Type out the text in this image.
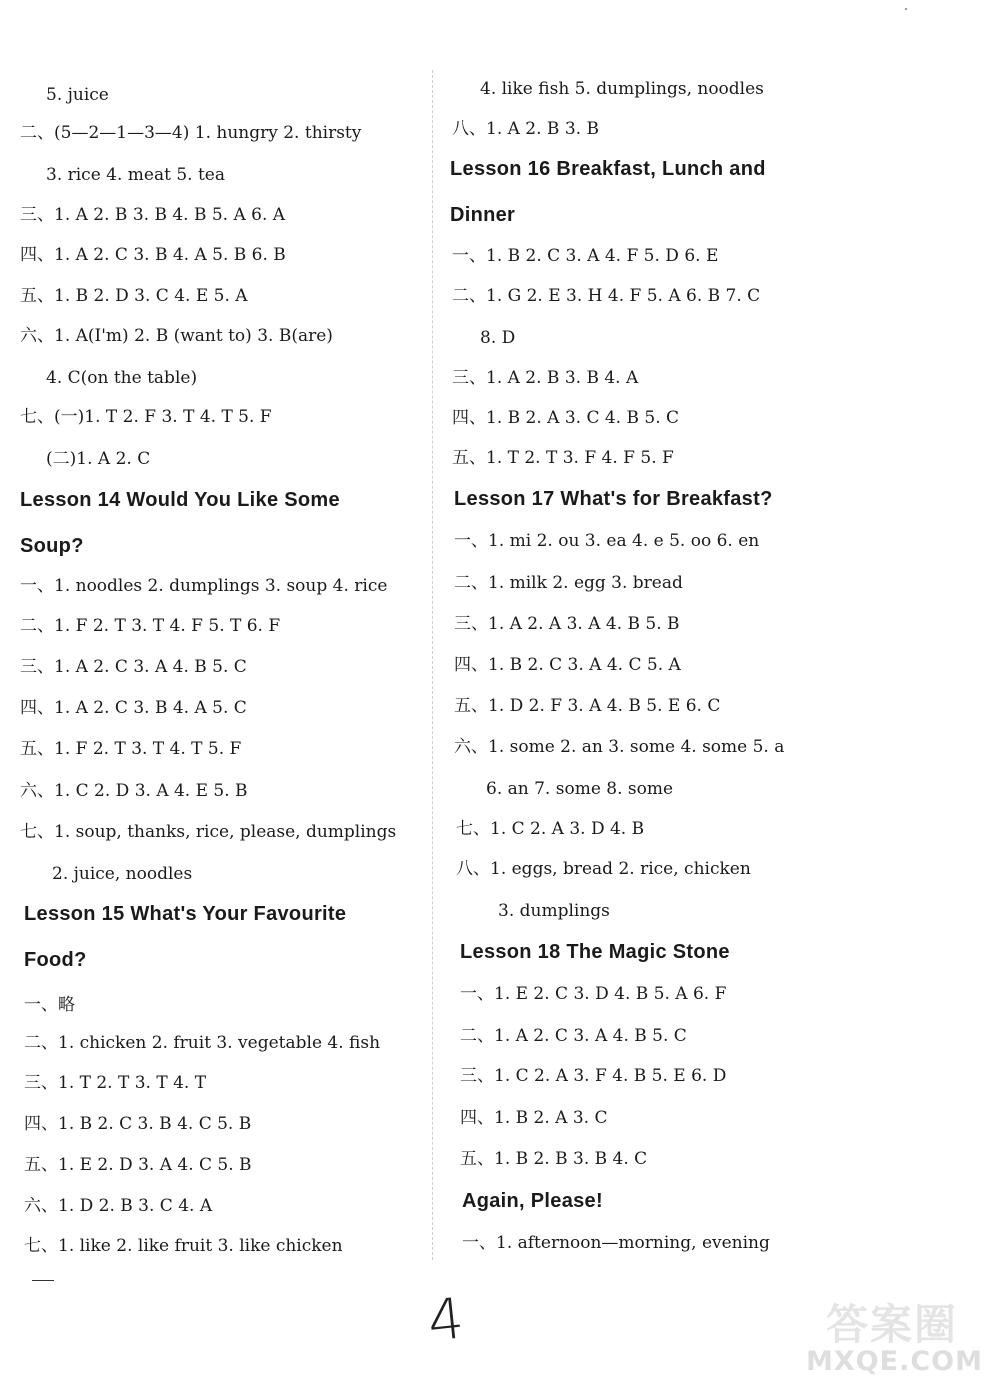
5. juice
二、(5—2—1—3—4) 1. hungry 2. thirsty
3. rice 4. meat 5. tea
三、1. A 2. B 3. B 4. B 5. A 6. A
四、1. A 2. C 3. B 4. A 5. B 6. B
五、1. B 2. D 3. C 4. E 5. A
六、1. A(I'm) 2. B (want to) 3. B(are)
4. C(on the table)
七、(一)1. T 2. F 3. T 4. T 5. F
(二)1. A 2. C
Lesson 14 Would You Like Some
Soup?
一、1. noodles 2. dumplings 3. soup 4. rice
二、1. F 2. T 3. T 4. F 5. T 6. F
三、1. A 2. C 3. A 4. B 5. C
四、1. A 2. C 3. B 4. A 5. C
五、1. F 2. T 3. T 4. T 5. F
六、1. C 2. D 3. A 4. E 5. B
七、1. soup, thanks, rice, please, dumplings
2. juice, noodles
Lesson 15 What's Your Favourite
Food?
一、略
二、1. chicken 2. fruit 3. vegetable 4. fish
三、1. T 2. T 3. T 4. T
四、1. B 2. C 3. B 4. C 5. B
五、1. E 2. D 3. A 4. C 5. B
六、1. D 2. B 3. C 4. A
七、1. like 2. like fruit 3. like chicken
4. like fish 5. dumplings, noodles
八、1. A 2. B 3. B
Lesson 16 Breakfast, Lunch and
Dinner
一、1. B 2. C 3. A 4. F 5. D 6. E
二、1. G 2. E 3. H 4. F 5. A 6. B 7. C
8. D
三、1. A 2. B 3. B 4. A
四、1. B 2. A 3. C 4. B 5. C
五、1. T 2. T 3. F 4. F 5. F
Lesson 17 What's for Breakfast?
一、1. mi 2. ou 3. ea 4. e 5. oo 6. en
二、1. milk 2. egg 3. bread
三、1. A 2. A 3. A 4. B 5. B
四、1. B 2. C 3. A 4. C 5. A
五、1. D 2. F 3. A 4. B 5. E 6. C
六、1. some 2. an 3. some 4. some 5. a
6. an 7. some 8. some
七、1. C 2. A 3. D 4. B
八、1. eggs, bread 2. rice, chicken
3. dumplings
Lesson 18 The Magic Stone
一、1. E 2. C 3. D 4. B 5. A 6. F
二、1. A 2. C 3. A 4. B 5. C
三、1. C 2. A 3. F 4. B 5. E 6. D
四、1. B 2. A 3. C
五、1. B 2. B 3. B 4. C
Again, Please!
一、1. afternoon—morning, evening
4	答案圈
MXQE.COM
